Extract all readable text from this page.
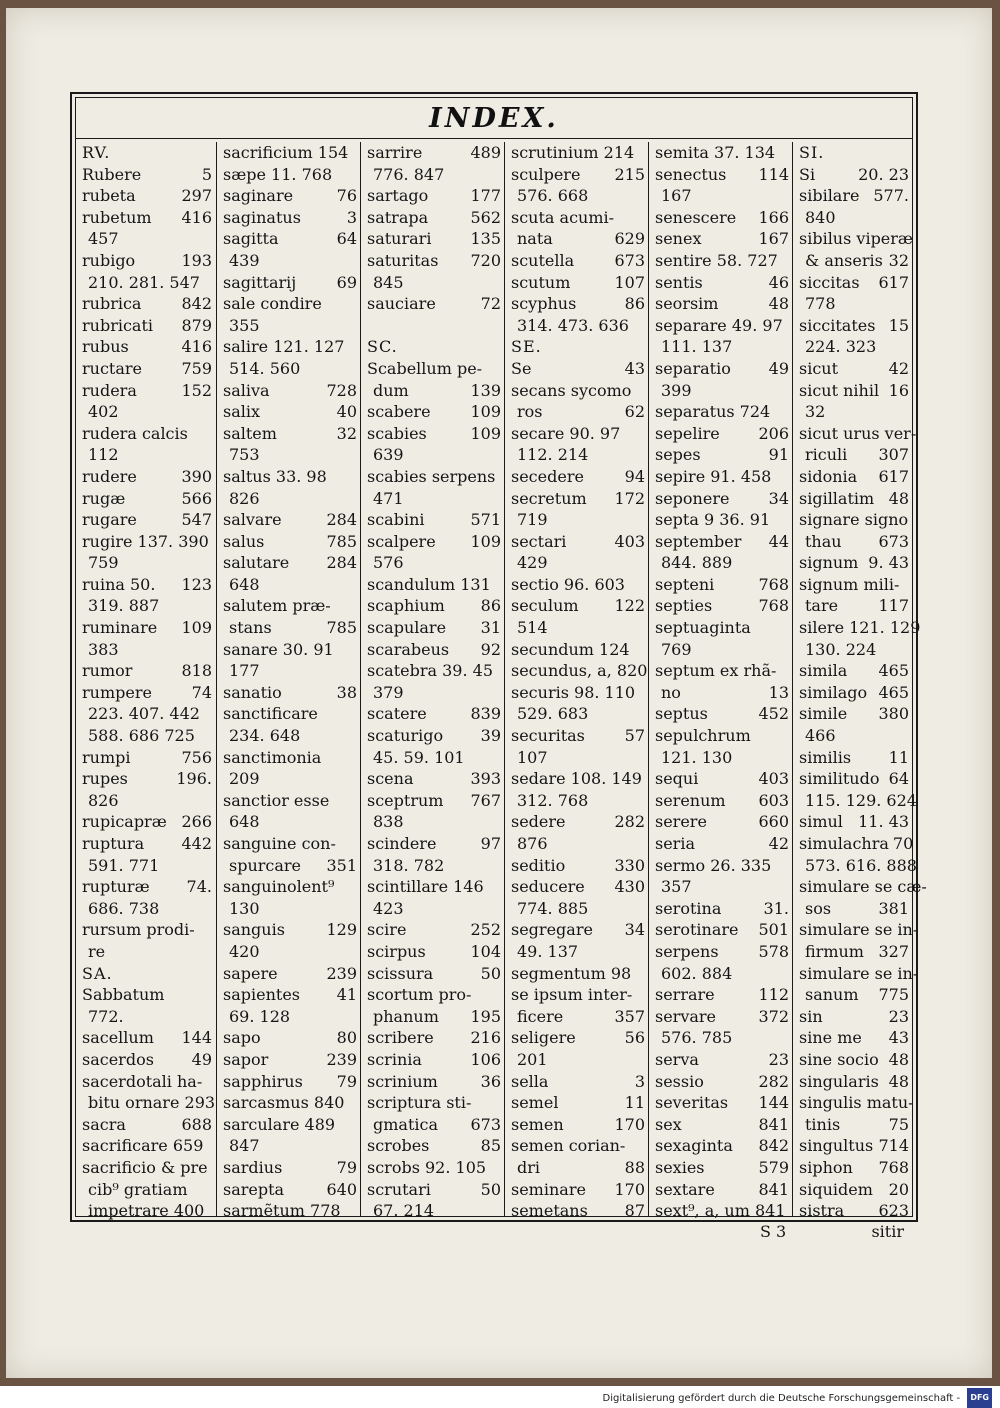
INDEX.
RV.
Rubere	5
rubeta	297
rubetum	416
457
rubigo	193
210. 281. 547
rubrica	842
rubricati	879
rubus	416
ructare	759
rudera	152
402
rudera calcis
112
rudere	390
rugæ	566
rugare	547
rugire 137. 390
759
ruina 50.	123
319. 887
ruminare	109
383
rumor	818
rumpere	74
223. 407. 442
588. 686 725
rumpi	756
rupes	196.
826
rupicapræ 266
ruptura	442
591. 771
rupturæ	74.
686. 738
rursum prodi-
re
SA.
Sabbatum
772.
sacellum	144
sacerdos	49
sacerdotali ha-
bitu ornare 293
sacra	688
sacrificare 659
sacrificio & pre
cib⁹ gratiam
impetrare 400
sacrificium 154
sæpe 11. 768
saginare	76
saginatus	3
sagitta	64
439
sagittarij	69
sale condire
355
salire 121. 127
514. 560
saliva	728
salix	40
saltem	32
753
saltus 33. 98
826
salvare	284
salus	785
salutare	284
648
salutem præ-
stans	785
sanare 30. 91
177
sanatio	38
sanctificare
234. 648
sanctimonia
209
sanctior esse
648
sanguine con-
spurcare	351
sanguinolent⁹
130
sanguis	129
420
sapere	239
sapientes	41
69. 128
sapo	80
sapor	239
sapphirus	79
sarcasmus 840
sarculare 489
847
sardius	79
sarepta	640
sarmẽtum 778
sarrire	489
776. 847
sartago	177
satrapa	562
saturari	135
saturitas	720
845
sauciare	72
SC.
Scabellum pe-
dum	139
scabere	109
scabies	109
639
scabies serpens
471
scabini	571
scalpere	109
576
scandulum 131
scaphium	86
scapulare	31
scarabeus	92
scatebra 39. 45
379
scatere	839
scaturigo	39
45. 59. 101
scena	393
sceptrum	767
838
scindere	97
318. 782
scintillare 146
423
scire	252
scirpus	104
scissura	50
scortum pro-
phanum	195
scribere	216
scrinia	106
scrinium	36
scriptura sti-
gmatica	673
scrobes	85
scrobs 92. 105
scrutari	50
67. 214
scrutinium 214
sculpere	215
576. 668
scuta acumi-
nata	629
scutella	673
scutum	107
scyphus	86
314. 473. 636
SE.
Se	43
secans sycomo
ros	62
secare 90. 97
112. 214
secedere	94
secretum	172
719
sectari	403
429
sectio 96. 603
seculum	122
514
secundum 124
secundus, a, 820
securis 98. 110
529. 683
securitas	57
107
sedare 108. 149
312. 768
sedere	282
876
seditio	330
seducere	430
774. 885
segregare	34
49. 137
segmentum 98
se ipsum inter-
ficere	357
seligere	56
201
sella	3
semel	11
semen	170
semen corian-
dri	88
seminare	170
semetans	87
semita 37. 134
senectus	114
167
senescere	166
senex	167
sentire 58. 727
sentis	46
seorsim	48
separare 49. 97
111. 137
separatio	49
399
separatus 724
sepelire	206
sepes	91
sepire 91. 458
seponere	34
septa 9 36. 91
september	44
844. 889
septeni	768
septies	768
septuaginta
769
septum ex rhã-
no	13
septus	452
sepulchrum
121. 130
sequi	403
serenum	603
serere	660
seria	42
sermo 26. 335
357
serotina	31.
serotinare	501
serpens	578
602. 884
serrare	112
servare	372
576. 785
serva	23
sessio	282
severitas	144
sex	841
sexaginta	842
sexies	579
sextare	841
sext⁹, a, um 841
SI.
Si	20. 23
sibilare 577.
840
sibilus viperæ
& anseris 32
siccitas	617
778
siccitates 15
224. 323
sicut	42
sicut nihil 16
32
sicut urus ver-
riculi	307
sidonia	617
sigillatim 48
signare signo
thau	673
signum 9. 43
signum mili-
tare	117
silere 121. 129
130. 224
simila	465
similago 465
simile	380
466
similis	11
similitudo 64
115. 129. 624
simul 11. 43
simulachra 70
573. 616. 888
simulare se cæ-
sos	381
simulare se in-
firmum 327
simulare se in-
sanum	775
sin	23
sine me	43
sine socio 48
singularis 48
singulis matu-
tinis	75
singultus 714
siphon	768
siquidem 20
sistra	623
S 3	sitir
Digitalisierung gefördert durch die Deutsche Forschungsgemeinschaft - DFG
